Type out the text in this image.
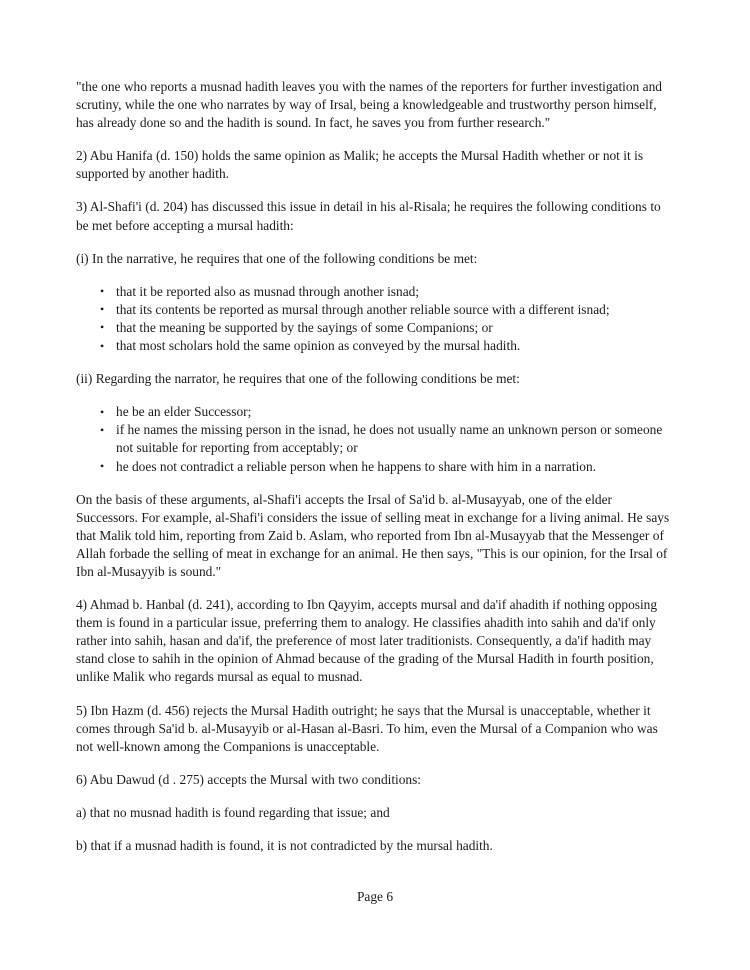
"the one who reports a musnad hadith leaves you with the names of the reporters for further investigation and scrutiny, while the one who narrates by way of Irsal, being a knowledgeable and trustworthy person himself, has already done so and the hadith is sound. In fact, he saves you from further research."

2) Abu Hanifa (d. 150) holds the same opinion as Malik; he accepts the Mursal Hadith whether or not it is supported by another hadith.

3) Al-Shafi'i (d. 204) has discussed this issue in detail in his al-Risala; he requires the following conditions to be met before accepting a mursal hadith:

(i) In the narrative, he requires that one of the following conditions be met:

• that it be reported also as musnad through another isnad;
• that its contents be reported as mursal through another reliable source with a different isnad;
• that the meaning be supported by the sayings of some Companions; or
• that most scholars hold the same opinion as conveyed by the mursal hadith.

(ii) Regarding the narrator, he requires that one of the following conditions be met:

• he be an elder Successor;
• if he names the missing person in the isnad, he does not usually name an unknown person or someone not suitable for reporting from acceptably; or
• he does not contradict a reliable person when he happens to share with him in a narration.

On the basis of these arguments, al-Shafi'i accepts the Irsal of Sa'id b. al-Musayyab, one of the elder Successors. For example, al-Shafi'i considers the issue of selling meat in exchange for a living animal. He says that Malik told him, reporting from Zaid b. Aslam, who reported from Ibn al-Musayyab that the Messenger of Allah forbade the selling of meat in exchange for an animal. He then says, "This is our opinion, for the Irsal of Ibn al-Musayyib is sound."

4) Ahmad b. Hanbal (d. 241), according to Ibn Qayyim, accepts mursal and da'if ahadith if nothing opposing them is found in a particular issue, preferring them to analogy. He classifies ahadith into sahih and da'if only rather into sahih, hasan and da'if, the preference of most later traditionists. Consequently, a da'if hadith may stand close to sahih in the opinion of Ahmad because of the grading of the Mursal Hadith in fourth position, unlike Malik who regards mursal as equal to musnad.

5) Ibn Hazm (d. 456) rejects the Mursal Hadith outright; he says that the Mursal is unacceptable, whether it comes through Sa'id b. al-Musayyib or al-Hasan al-Basri. To him, even the Mursal of a Companion who was not well-known among the Companions is unacceptable.

6) Abu Dawud (d . 275) accepts the Mursal with two conditions:

a) that no musnad hadith is found regarding that issue; and

b) that if a musnad hadith is found, it is not contradicted by the mursal hadith.

Page 6
